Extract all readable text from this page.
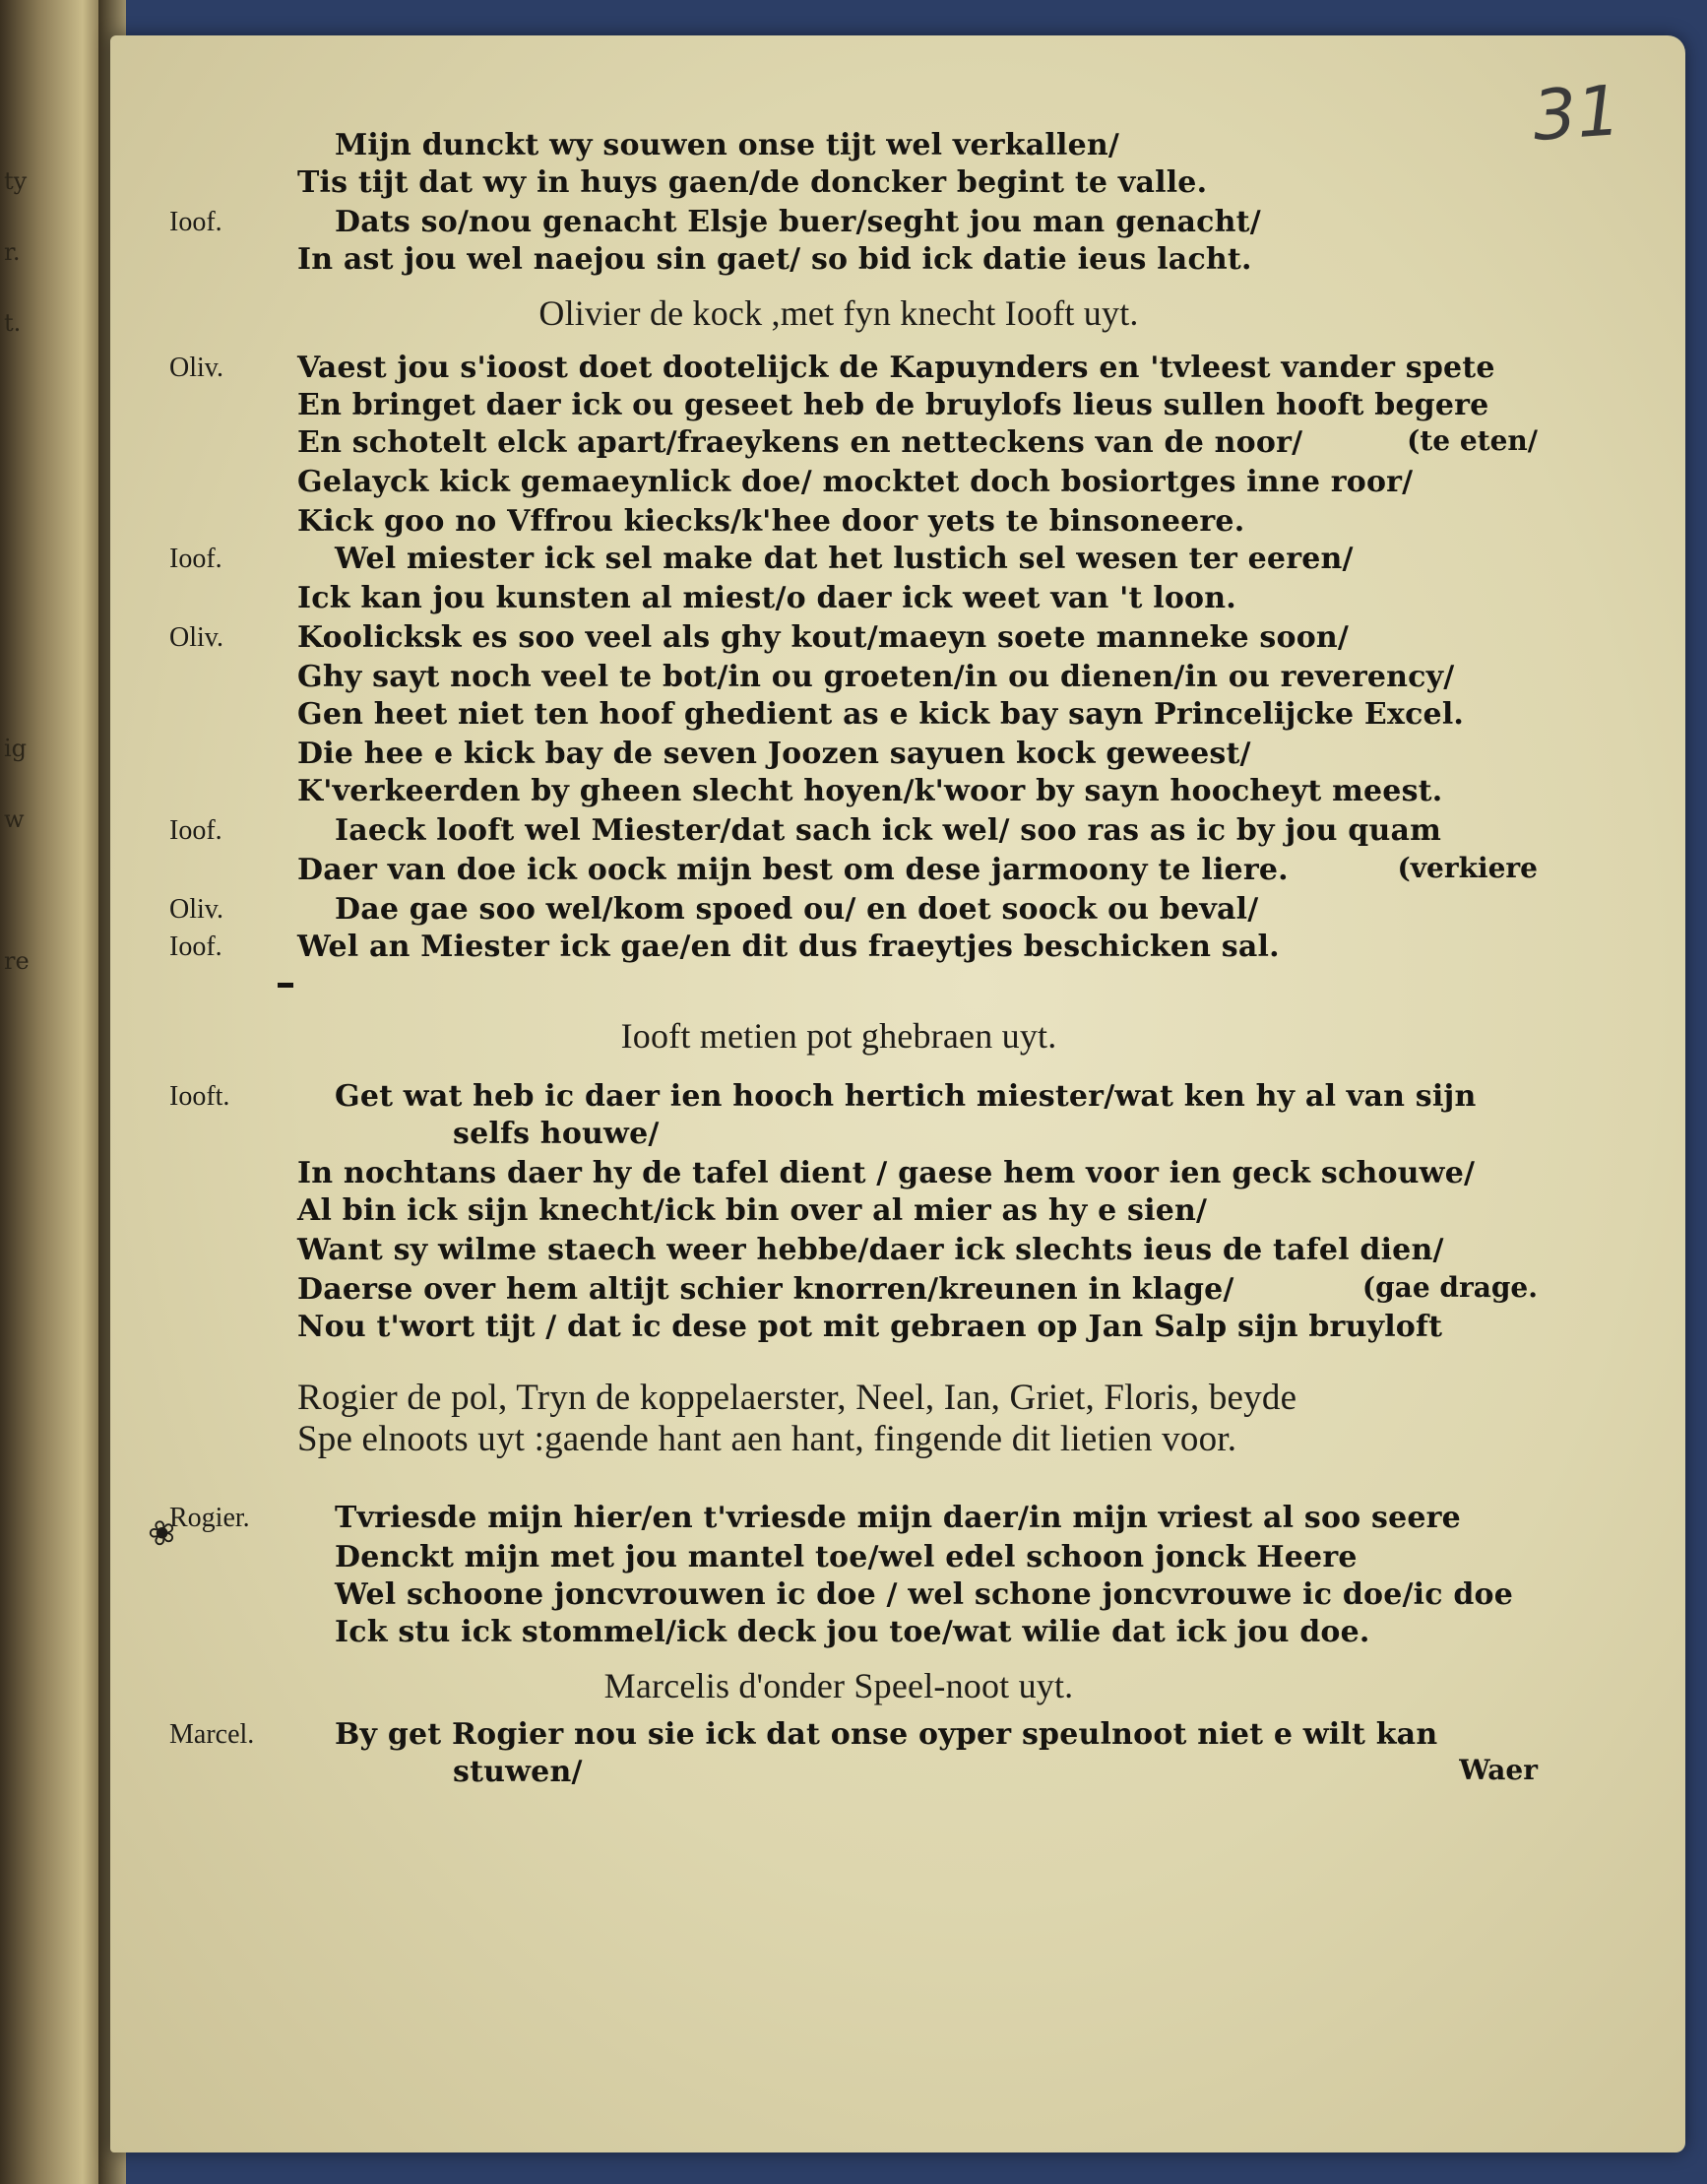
ty
r.
t.
ig
w
re
31
❀
Mijn dunckt wy souwen onse tijt wel verkallen/
Tis tijt dat wy in huys gaen/de doncker begint te valle.
Ioof.	Dats so/nou genacht Elsje buer/seght jou man genacht/
In ast jou wel naejou sin gaet/ so bid ick datie ieus lacht.
Olivier de kock ,met fyn knecht Iooft uyt.
Oliv.	Vaest jou s'ioost doet dootelijck de Kapuynders en 'tvleest vander spete
En bringet daer ick ou geseet heb de bruylofs lieus sullen hooft begere
En schotelt elck apart/fraeykens en netteckens van de noor/	(te eten/
Gelayck kick gemaeynlick doe/ mocktet doch bosiortges inne roor/
Kick goo no Vffrou kiecks/k'hee door yets te binsoneere.
Ioof.	Wel miester ick sel make dat het lustich sel wesen ter eeren/
Ick kan jou kunsten al miest/o daer ick weet van 't loon.
Oliv.	Koolicksk es soo veel als ghy kout/maeyn soete manneke soon/
Ghy sayt noch veel te bot/in ou groeten/in ou dienen/in ou reverency/
Gen heet niet ten hoof ghedient as e kick bay sayn Princelijcke Excel.
Die hee e kick bay de seven Joozen sayuen kock geweest/
K'verkeerden by gheen slecht hoyen/k'woor by sayn hoocheyt meest.
Ioof.	Iaeck looft wel Miester/dat sach ick wel/ soo ras as ic by jou quam
Daer van doe ick oock mijn best om dese jarmoony te liere.	(verkiere
Oliv.	Dae gae soo wel/kom spoed ou/ en doet soock ou beval/
Ioof.	Wel an Miester ick gae/en dit dus fraeytjes beschicken sal.
Iooft metien pot ghebraen uyt.
Iooft.	Get wat heb ic daer ien hooch hertich miester/wat ken hy al van sijn
selfs houwe/
In nochtans daer hy de tafel dient / gaese hem voor ien geck schouwe/
Al bin ick sijn knecht/ick bin over al mier as hy e sien/
Want sy wilme staech weer hebbe/daer ick slechts ieus de tafel dien/
Daerse over hem altijt schier knorren/kreunen in klage/	(gae drage.
Nou t'wort tijt / dat ic dese pot mit gebraen op Jan Salp sijn bruyloft
Rogier de pol, Tryn de koppelaerster, Neel, Ian, Griet, Floris, beyde
Spe elnoots uyt :gaende hant aen hant, fingende dit lietien voor.
Rogier.	Tvriesde mijn hier/en t'vriesde mijn daer/in mijn vriest al soo seere
Denckt mijn met jou mantel toe/wel edel schoon jonck Heere
Wel schoone joncvrouwen ic doe / wel schone joncvrouwe ic doe/ic doe
Ick stu ick stommel/ick deck jou toe/wat wilie dat ick jou doe.
Marcelis d'onder Speel-noot uyt.
Marcel.	By get Rogier nou sie ick dat onse oyper speulnoot niet e wilt kan
stuwen/	Waer
